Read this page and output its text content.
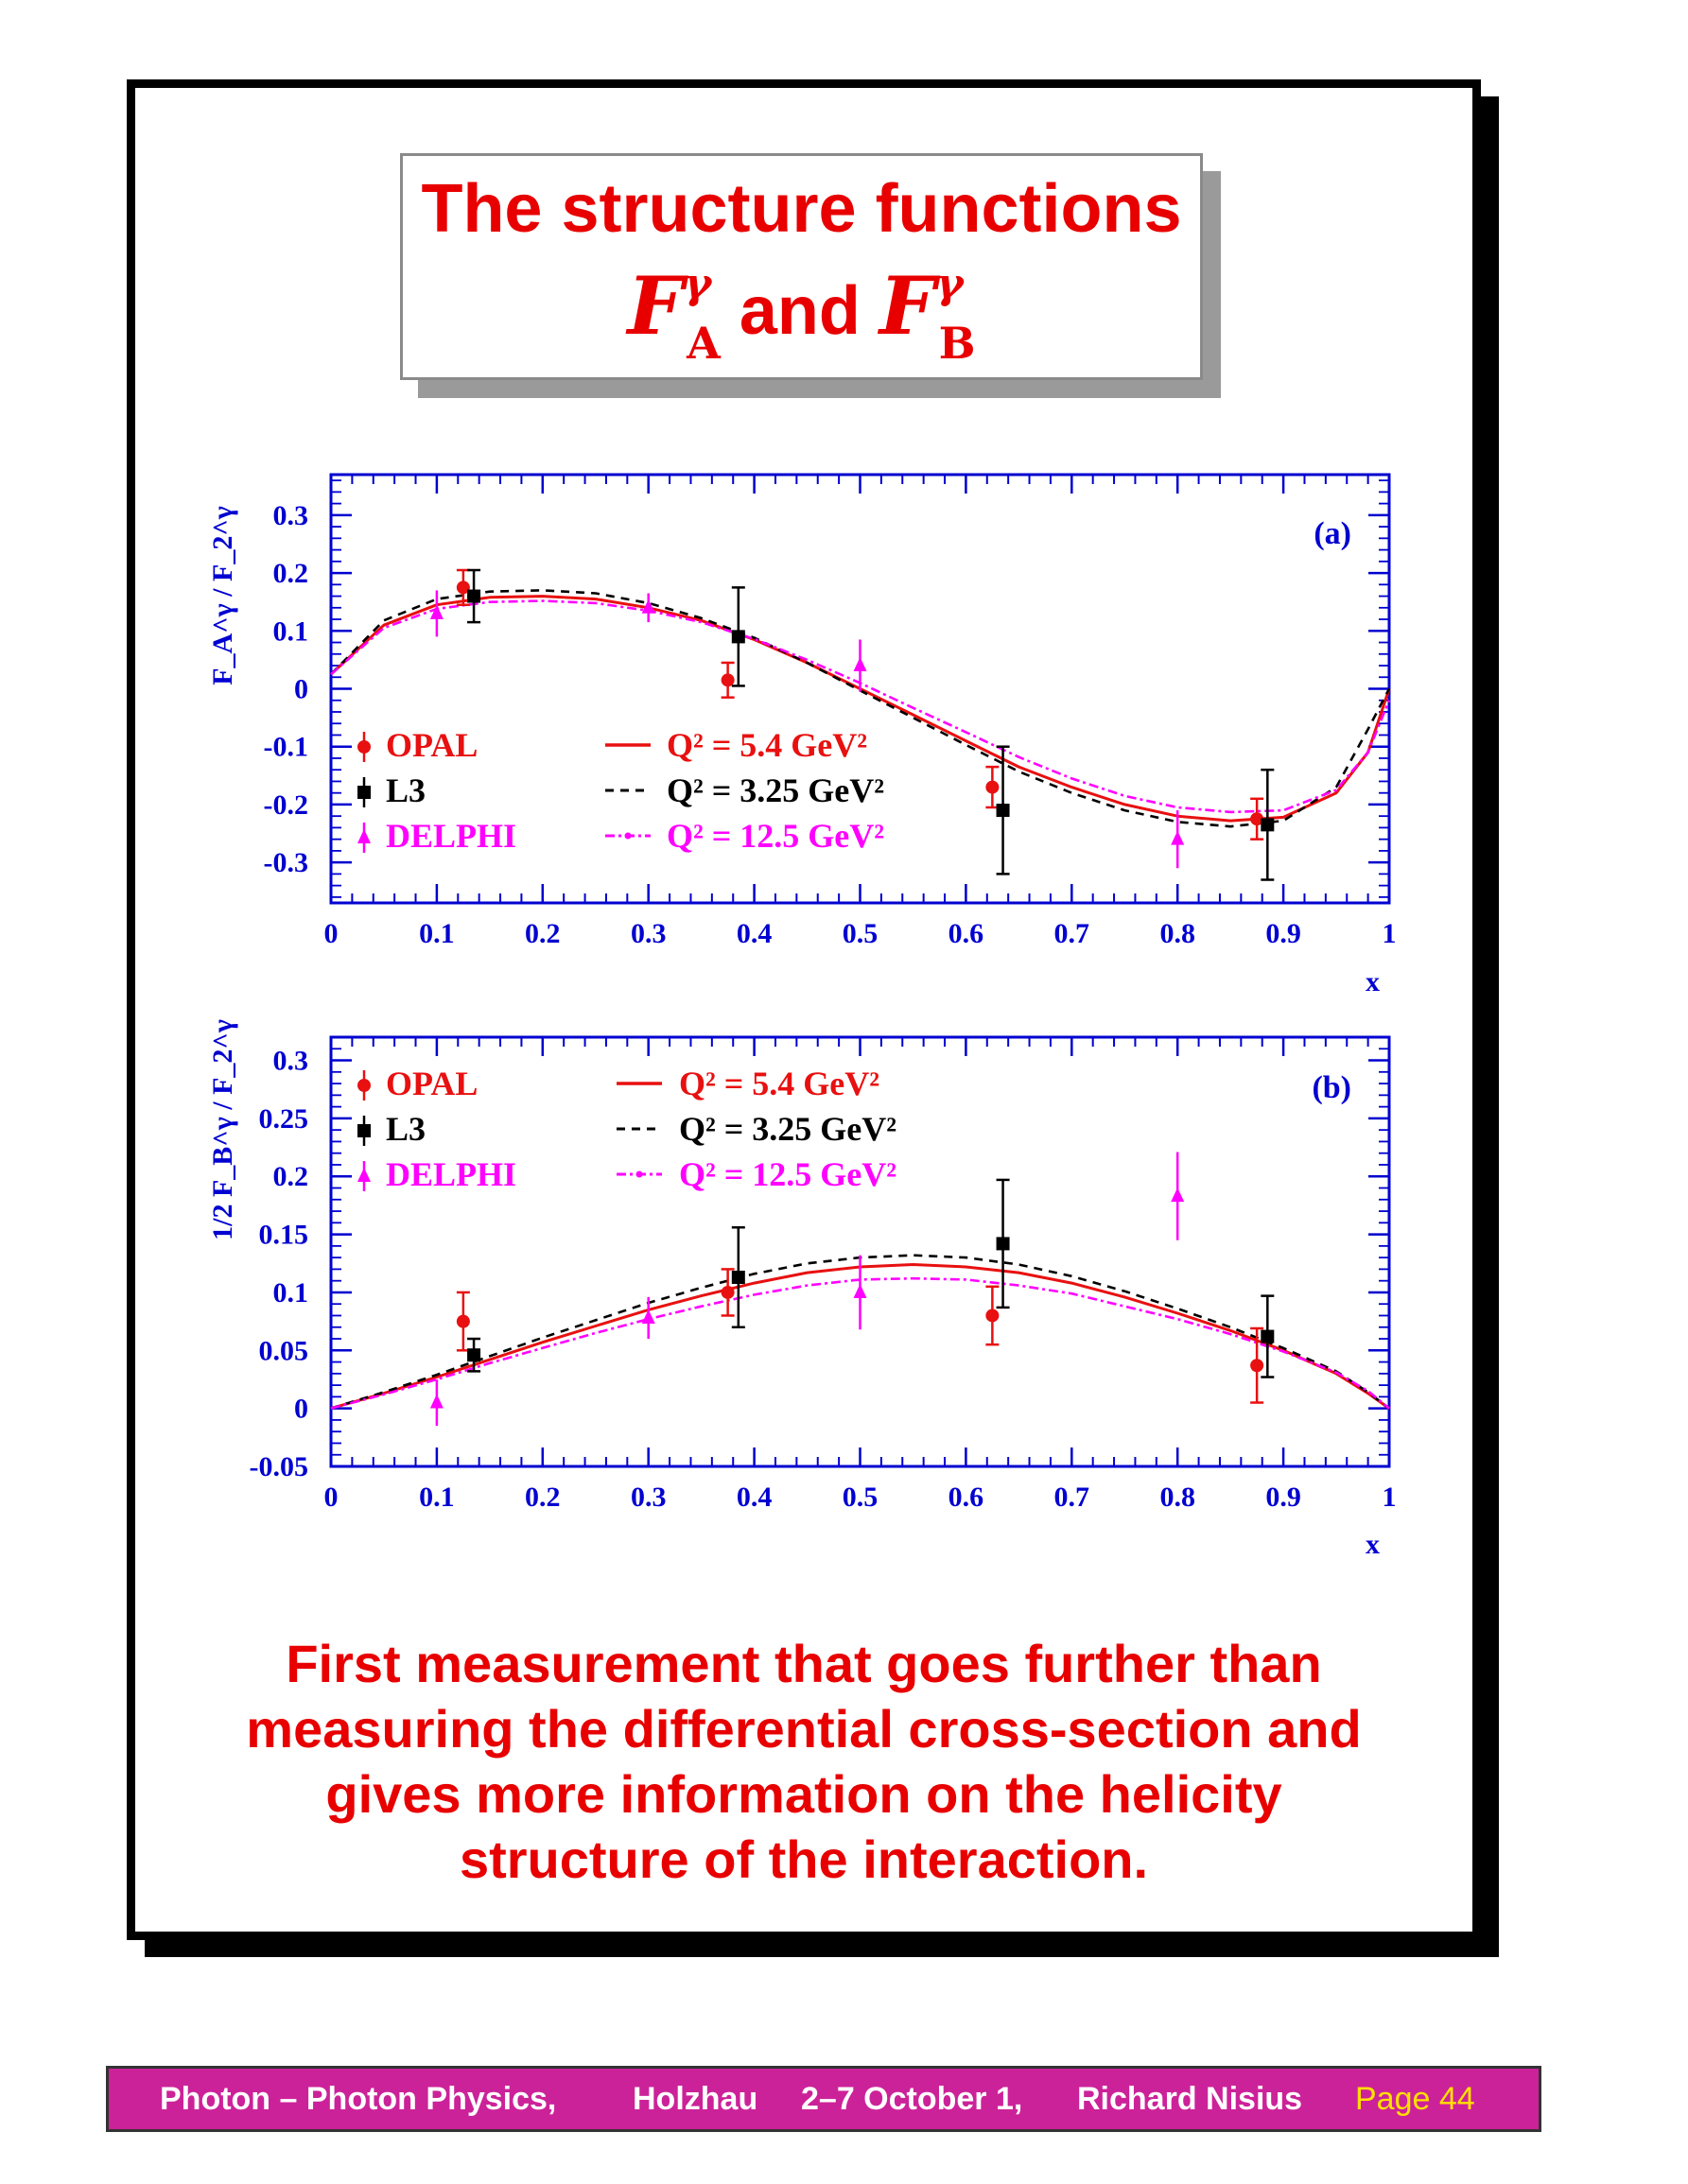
The structure functions
$F^\gamma_A$ and $F^\gamma_B$
0	0.1 0.2 0.3 0.4 0.5 0.6 0.7 0.8 0.9	1
-0.3
-0.2
-0.1
0
0.1
0.2
0.3
x
F_A^γ / F_2^γ	(a)
OPAL
L3
DELPHI
Q² = 5.4 GeV²
Q² = 3.25 GeV²
Q² = 12.5 GeV²
0	0.1 0.2 0.3 0.4 0.5 0.6 0.7 0.8 0.9	1
-0.05
0
0.05
0.1
0.15
0.2
0.25
0.3
x
1/2 F_B^γ / F_2^γ	(b)
OPAL
L3
DELPHI
Q² = 5.4 GeV²
Q² = 3.25 GeV²
Q² = 12.5 GeV²
First measurement that goes further than
measuring the differential cross-section and
gives more information on the helicity
structure of the interaction.
Photon – Photon Physics, Holzhau 2–7 October 1, Richard Nisius Page 44
